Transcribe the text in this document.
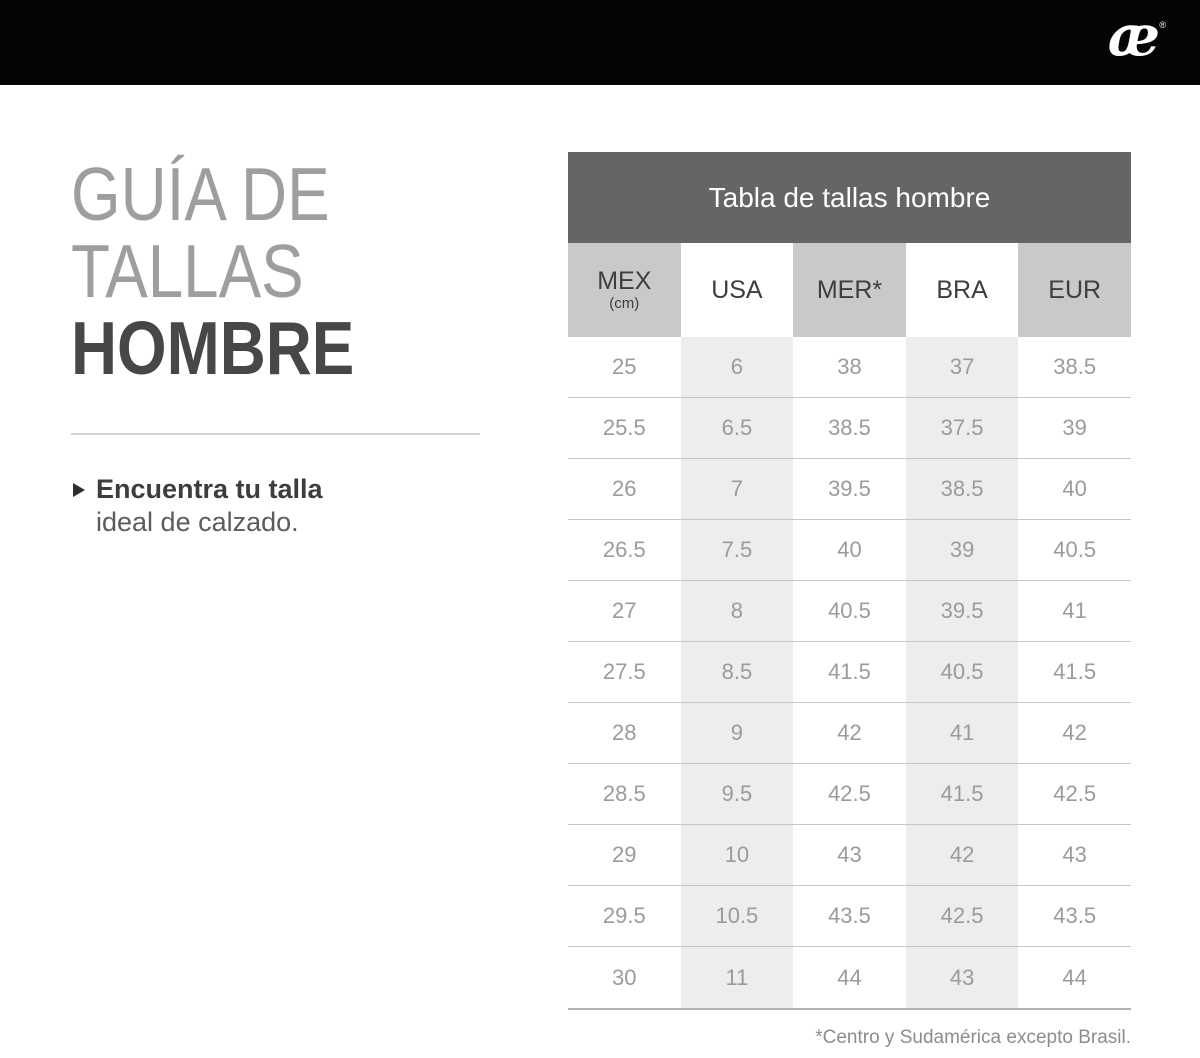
æ ®
GUÍA DE
TALLAS
HOMBRE
Encuentra tu talla
ideal de calzado.
Tabla de tallas hombre
MEX
(cm)	USA MER* BRA EUR
25	6	38	37	38.5
25.5	6.5	38.5	37.5	39
26	7	39.5	38.5	40
26.5	7.5	40	39	40.5
27	8	40.5	39.5	41
27.5	8.5	41.5	40.5	41.5
28	9	42	41	42
28.5	9.5	42.5	41.5	42.5
29	10	43	42	43
29.5	10.5	43.5	42.5	43.5
30	11	44	43	44
*Centro y Sudamérica excepto Brasil.
